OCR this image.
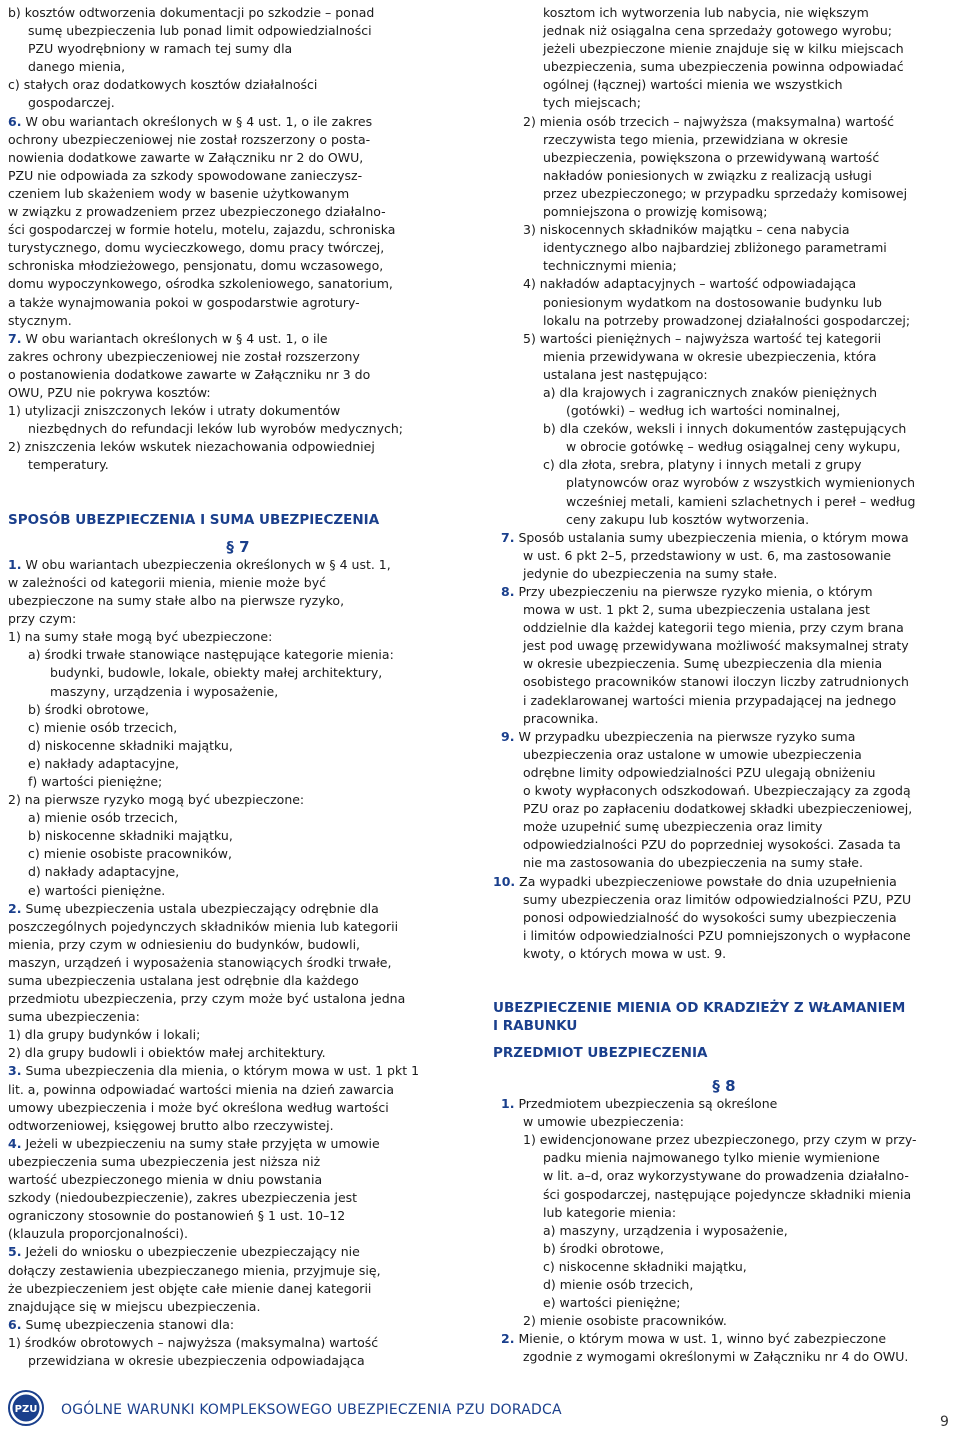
b) kosztów odtworzenia dokumentacji po szkodzie – ponad
sumę ubezpieczenia lub ponad limit odpowiedzialności
PZU wyodrębniony w ramach tej sumy dla
danego mienia,
c) stałych oraz dodatkowych kosztów działalności
gospodarczej.
6. W obu wariantach określonych w § 4 ust. 1, o ile zakres
ochrony ubezpieczeniowej nie został rozszerzony o posta-
nowienia dodatkowe zawarte w Załączniku nr 2 do OWU,
PZU nie odpowiada za szkody spowodowane zanieczysz-
czeniem lub skażeniem wody w basenie użytkowanym
w związku z prowadzeniem przez ubezpieczonego działalno-
ści gospodarczej w formie hotelu, motelu, zajazdu, schroniska
turystycznego, domu wycieczkowego, domu pracy twórczej,
schroniska młodzieżowego, pensjonatu, domu wczasowego,
domu wypoczynkowego, ośrodka szkoleniowego, sanatorium,
a także wynajmowania pokoi w gospodarstwie agrotury-
stycznym.
7. W obu wariantach określonych w § 4 ust. 1, o ile
zakres ochrony ubezpieczeniowej nie został rozszerzony
o postanowienia dodatkowe zawarte w Załączniku nr 3 do
OWU, PZU nie pokrywa kosztów:
1) utylizacji zniszczonych leków i utraty dokumentów
niezbędnych do refundacji leków lub wyrobów medycznych;
2) zniszczenia leków wskutek niezachowania odpowiedniej
temperatury.
SPOSÓB UBEZPIECZENIA I SUMA UBEZPIECZENIA
§ 7
1. W obu wariantach ubezpieczenia określonych w § 4 ust. 1,
w zależności od kategorii mienia, mienie może być
ubezpieczone na sumy stałe albo na pierwsze ryzyko,
przy czym:
1) na sumy stałe mogą być ubezpieczone:
a) środki trwałe stanowiące następujące kategorie mienia:
budynki, budowle, lokale, obiekty małej architektury,
maszyny, urządzenia i wyposażenie,
b) środki obrotowe,
c) mienie osób trzecich,
d) niskocenne składniki majątku,
e) nakłady adaptacyjne,
f) wartości pieniężne;
2) na pierwsze ryzyko mogą być ubezpieczone:
a) mienie osób trzecich,
b) niskocenne składniki majątku,
c) mienie osobiste pracowników,
d) nakłady adaptacyjne,
e) wartości pieniężne.
2. Sumę ubezpieczenia ustala ubezpieczający odrębnie dla
poszczególnych pojedynczych składników mienia lub kategorii
mienia, przy czym w odniesieniu do budynków, budowli,
maszyn, urządzeń i wyposażenia stanowiących środki trwałe,
suma ubezpieczenia ustalana jest odrębnie dla każdego
przedmiotu ubezpieczenia, przy czym może być ustalona jedna
suma ubezpieczenia:
1) dla grupy budynków i lokali;
2) dla grupy budowli i obiektów małej architektury.
3. Suma ubezpieczenia dla mienia, o którym mowa w ust. 1 pkt 1
lit. a, powinna odpowiadać wartości mienia na dzień zawarcia
umowy ubezpieczenia i może być określona według wartości
odtworzeniowej, księgowej brutto albo rzeczywistej.
4. Jeżeli w ubezpieczeniu na sumy stałe przyjęta w umowie
ubezpieczenia suma ubezpieczenia jest niższa niż
wartość ubezpieczonego mienia w dniu powstania
szkody (niedoubezpieczenie), zakres ubezpieczenia jest
ograniczony stosownie do postanowień § 1 ust. 10–12
(klauzula proporcjonalności).
5. Jeżeli do wniosku o ubezpieczenie ubezpieczający nie
dołączy zestawienia ubezpieczanego mienia, przyjmuje się,
że ubezpieczeniem jest objęte całe mienie danej kategorii
znajdujące się w miejscu ubezpieczenia.
6. Sumę ubezpieczenia stanowi dla:
1) środków obrotowych – najwyższa (maksymalna) wartość
przewidziana w okresie ubezpieczenia odpowiadająca
kosztom ich wytworzenia lub nabycia, nie większym
jednak niż osiągalna cena sprzedaży gotowego wyrobu;
jeżeli ubezpieczone mienie znajduje się w kilku miejscach
ubezpieczenia, suma ubezpieczenia powinna odpowiadać
ogólnej (łącznej) wartości mienia we wszystkich
tych miejscach;
2) mienia osób trzecich – najwyższa (maksymalna) wartość
rzeczywista tego mienia, przewidziana w okresie
ubezpieczenia, powiększona o przewidywaną wartość
nakładów poniesionych w związku z realizacją usługi
przez ubezpieczonego; w przypadku sprzedaży komisowej
pomniejszona o prowizję komisową;
3) niskocennych składników majątku – cena nabycia
identycznego albo najbardziej zbliżonego parametrami
technicznymi mienia;
4) nakładów adaptacyjnych – wartość odpowiadająca
poniesionym wydatkom na dostosowanie budynku lub
lokalu na potrzeby prowadzonej działalności gospodarczej;
5) wartości pieniężnych – najwyższa wartość tej kategorii
mienia przewidywana w okresie ubezpieczenia, która
ustalana jest następująco:
a) dla krajowych i zagranicznych znaków pieniężnych
(gotówki) – według ich wartości nominalnej,
b) dla czeków, weksli i innych dokumentów zastępujących
w obrocie gotówkę – według osiągalnej ceny wykupu,
c) dla złota, srebra, platyny i innych metali z grupy
platynowców oraz wyrobów z wszystkich wymienionych
wcześniej metali, kamieni szlachetnych i pereł – według
ceny zakupu lub kosztów wytworzenia.
7. Sposób ustalania sumy ubezpieczenia mienia, o którym mowa
w ust. 6 pkt 2–5, przedstawiony w ust. 6, ma zastosowanie
jedynie do ubezpieczenia na sumy stałe.
8. Przy ubezpieczeniu na pierwsze ryzyko mienia, o którym
mowa w ust. 1 pkt 2, suma ubezpieczenia ustalana jest
oddzielnie dla każdej kategorii tego mienia, przy czym brana
jest pod uwagę przewidywana możliwość maksymalnej straty
w okresie ubezpieczenia. Sumę ubezpieczenia dla mienia
osobistego pracowników stanowi iloczyn liczby zatrudnionych
i zadeklarowanej wartości mienia przypadającej na jednego
pracownika.
9. W przypadku ubezpieczenia na pierwsze ryzyko suma
ubezpieczenia oraz ustalone w umowie ubezpieczenia
odrębne limity odpowiedzialności PZU ulegają obniżeniu
o kwoty wypłaconych odszkodowań. Ubezpieczający za zgodą
PZU oraz po zapłaceniu dodatkowej składki ubezpieczeniowej,
może uzupełnić sumę ubezpieczenia oraz limity
odpowiedzialności PZU do poprzedniej wysokości. Zasada ta
nie ma zastosowania do ubezpieczenia na sumy stałe.
10. Za wypadki ubezpieczeniowe powstałe do dnia uzupełnienia
sumy ubezpieczenia oraz limitów odpowiedzialności PZU, PZU
ponosi odpowiedzialność do wysokości sumy ubezpieczenia
i limitów odpowiedzialności PZU pomniejszonych o wypłacone
kwoty, o których mowa w ust. 9.
UBEZPIECZENIE MIENIA OD KRADZIEŻY Z WŁAMANIEM
I RABUNKU
PRZEDMIOT UBEZPIECZENIA
§ 8
1. Przedmiotem ubezpieczenia są określone
w umowie ubezpieczenia:
1) ewidencjonowane przez ubezpieczonego, przy czym w przy-
padku mienia najmowanego tylko mienie wymienione
w lit. a–d, oraz wykorzystywane do prowadzenia działalno-
ści gospodarczej, następujące pojedyncze składniki mienia
lub kategorie mienia:
a) maszyny, urządzenia i wyposażenie,
b) środki obrotowe,
c) niskocenne składniki majątku,
d) mienie osób trzecich,
e) wartości pieniężne;
2) mienie osobiste pracowników.
2. Mienie, o którym mowa w ust. 1, winno być zabezpieczone
zgodnie z wymogami określonymi w Załączniku nr 4 do OWU.
PZU OGÓLNE WARUNKI KOMPLEKSOWEGO UBEZPIECZENIA PZU DORADCA
9
